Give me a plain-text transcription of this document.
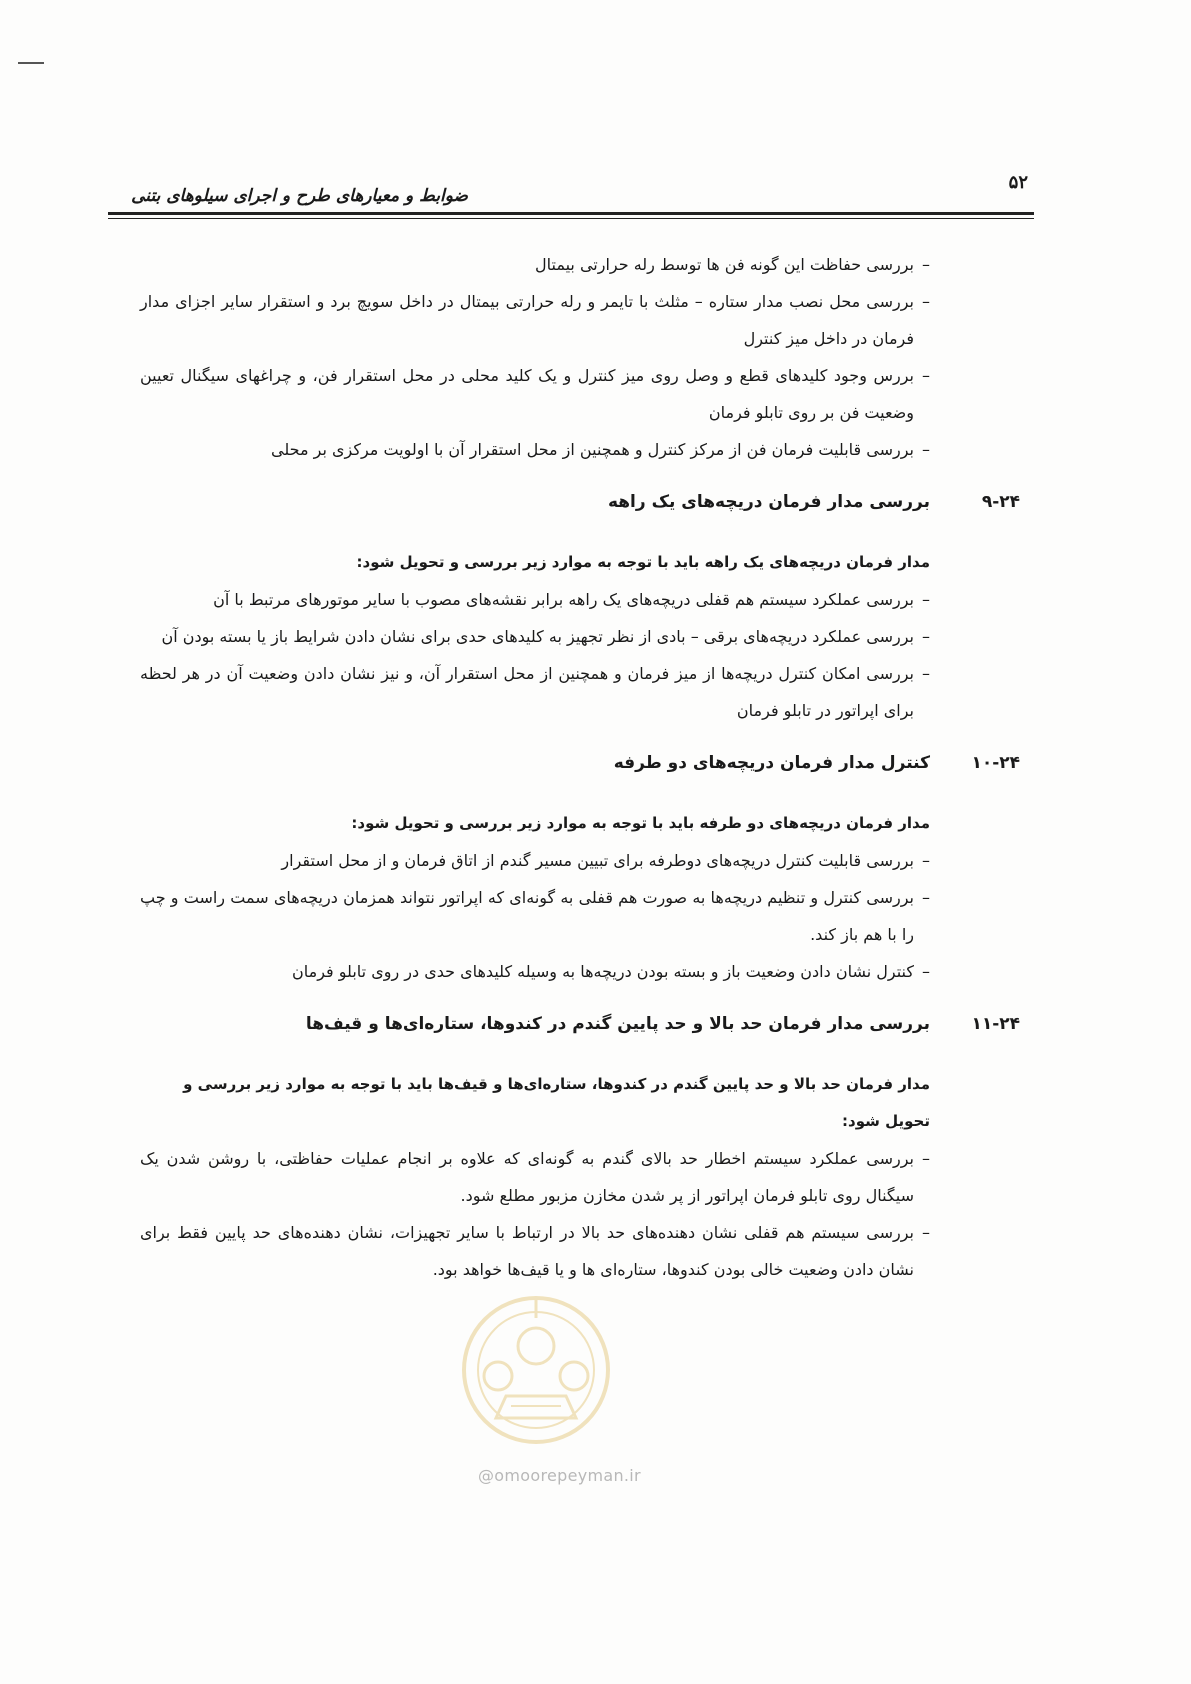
۵۲
ضوابط و معیارهای طرح و اجرای سیلوهای بتنی

– بررسی حفاظت این گونه فن ها توسط رله حرارتی بیمتال

– بررسی محل نصب مدار ستاره – مثلث با تایمر و رله حرارتی بیمتال در داخل سویچ برد و استقرار سایر اجزای مدار فرمان در داخل میز کنترل

– بررس وجود کلیدهای قطع و وصل روی میز کنترل و یک کلید محلی در محل استقرار فن، و چراغهای سیگنال تعیین وضعیت فن بر روی تابلو فرمان

– بررسی قابلیت فرمان فن از مرکز کنترل و همچنین از محل استقرار آن با اولویت مرکزی بر محلی

۹-۲۴
بررسی مدار فرمان دریچه‌های یک راهه

مدار فرمان دریچه‌های یک راهه باید با توجه به موارد زیر بررسی و تحویل شود:

– بررسی عملکرد سیستم هم قفلی دریچه‌های یک راهه برابر نقشه‌های مصوب با سایر موتورهای مرتبط با آن

– بررسی عملکرد دریچه‌های برقی – بادی از نظر تجهیز به کلیدهای حدی برای نشان دادن شرایط باز یا بسته بودن آن

– بررسی امکان کنترل دریچه‌ها از میز فرمان و همچنین از محل استقرار آن، و نیز نشان دادن وضعیت آن در هر لحظه برای اپراتور در تابلو فرمان

۱۰-۲۴
کنترل مدار فرمان دریچه‌های دو طرفه

مدار فرمان دریچه‌های دو طرفه باید با توجه به موارد زیر بررسی و تحویل شود:

– بررسی قابلیت کنترل دریچه‌های دوطرفه برای تبیین مسیر گندم از اتاق فرمان و از محل استقرار

– بررسی کنترل و تنظیم دریچه‌ها به صورت هم قفلی به گونه‌ای که اپراتور نتواند همزمان دریچه‌های سمت راست و چپ را با هم باز کند.

– کنترل نشان دادن وضعیت باز و بسته بودن دریچه‌ها به وسیله کلیدهای حدی در روی تابلو فرمان

۱۱-۲۴
بررسی مدار فرمان حد بالا و حد پایین گندم در کندوها، ستاره‌ای‌ها و قیف‌ها

مدار فرمان حد بالا و حد پایین گندم در کندوها، ستاره‌ای‌ها و قیف‌ها باید با توجه به موارد زیر بررسی و تحویل شود:

– بررسی عملکرد سیستم اخطار حد بالای گندم به گونه‌ای که علاوه بر انجام عملیات حفاظتی، با روشن شدن یک سیگنال روی تابلو فرمان اپراتور از پر شدن مخازن مزبور مطلع شود.

– بررسی سیستم هم قفلی نشان دهنده‌های حد بالا در ارتباط با سایر تجهیزات، نشان دهنده‌های حد پایین فقط برای نشان دادن وضعیت خالی بودن کندوها، ستاره‌ای ها و یا قیف‌ها خواهد بود.

@omoorepeyman.ir
